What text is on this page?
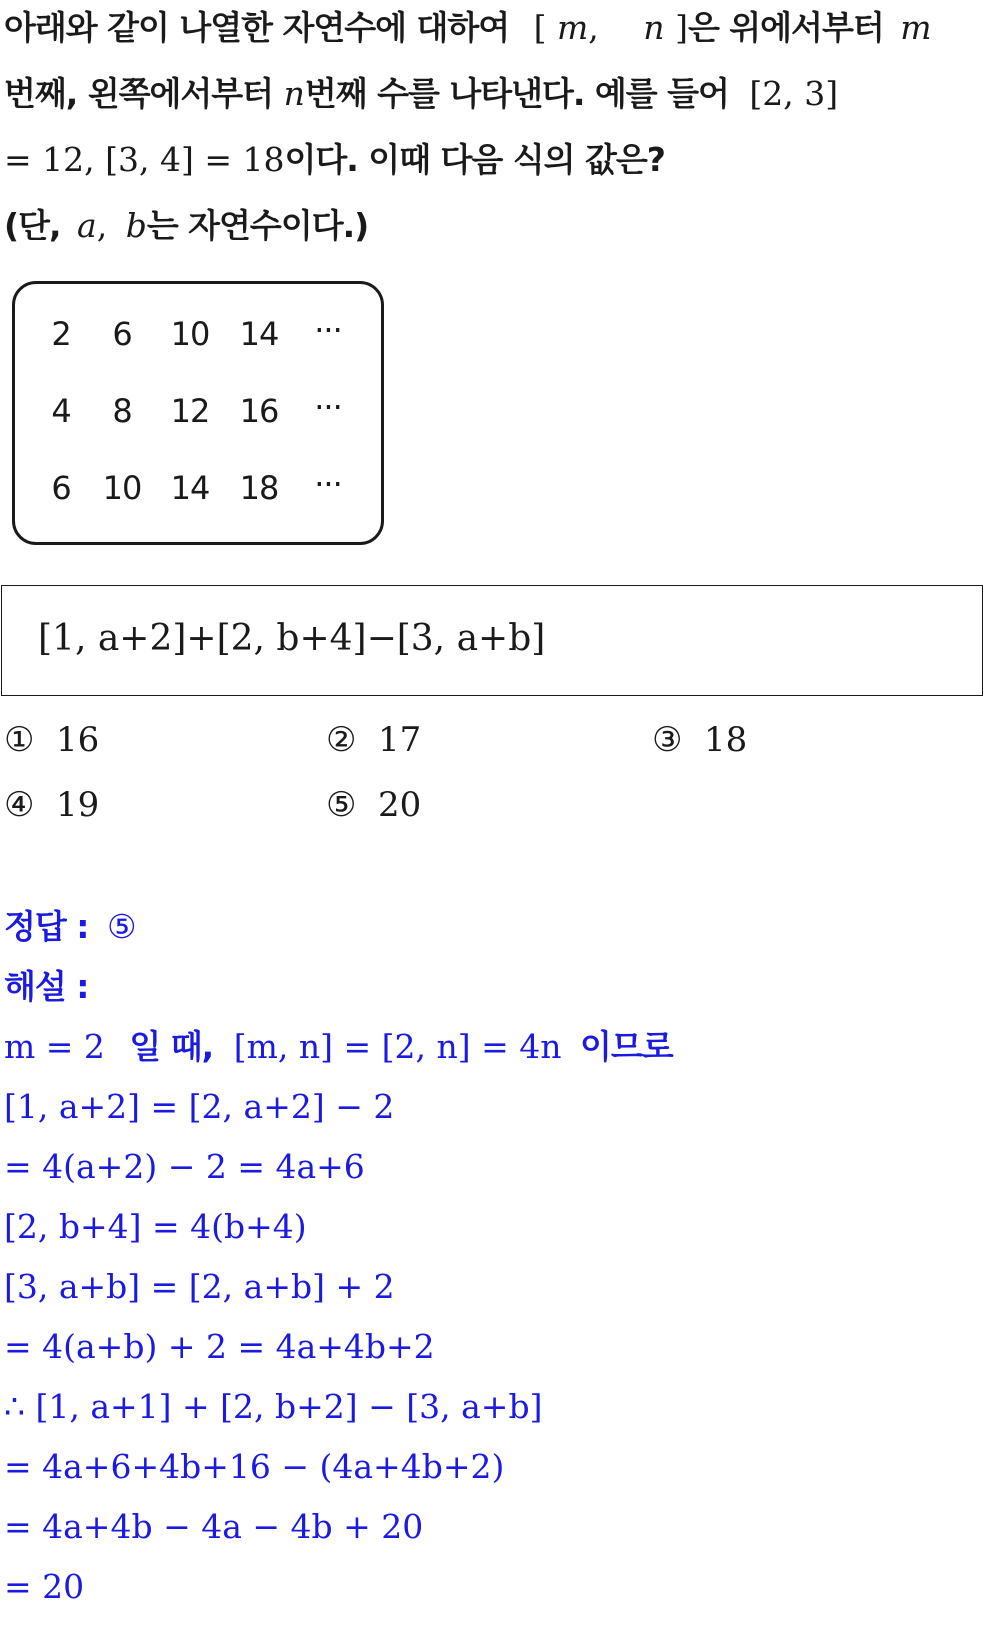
아래와 같이 나열한 자연수에 대하여 [ m, n ]은 위에서부터 m
번째, 왼쪽에서부터 n번째 수를 나타낸다. 예를 들어 [2, 3]
= 12, [3, 4] = 18이다. 이때 다음 식의 값은?
(단, a, b는 자연수이다.)
2	6	10 14	···
4	8	12 16	···
6 10 14 18	···
[1, a+2]+[2, b+4]−[3, a+b]
① 16	② 17	③ 18
④ 19	⑤ 20
정답 : ⑤
해설 :
m = 2 일 때, [m, n] = [2, n] = 4n 이므로
[1, a+2] = [2, a+2] − 2
= 4(a+2) − 2 = 4a+6
[2, b+4] = 4(b+4)
[3, a+b] = [2, a+b] + 2
= 4(a+b) + 2 = 4a+4b+2
∴ [1, a+1] + [2, b+2] − [3, a+b]
= 4a+6+4b+16 − (4a+4b+2)
= 4a+4b − 4a − 4b + 20
= 20
